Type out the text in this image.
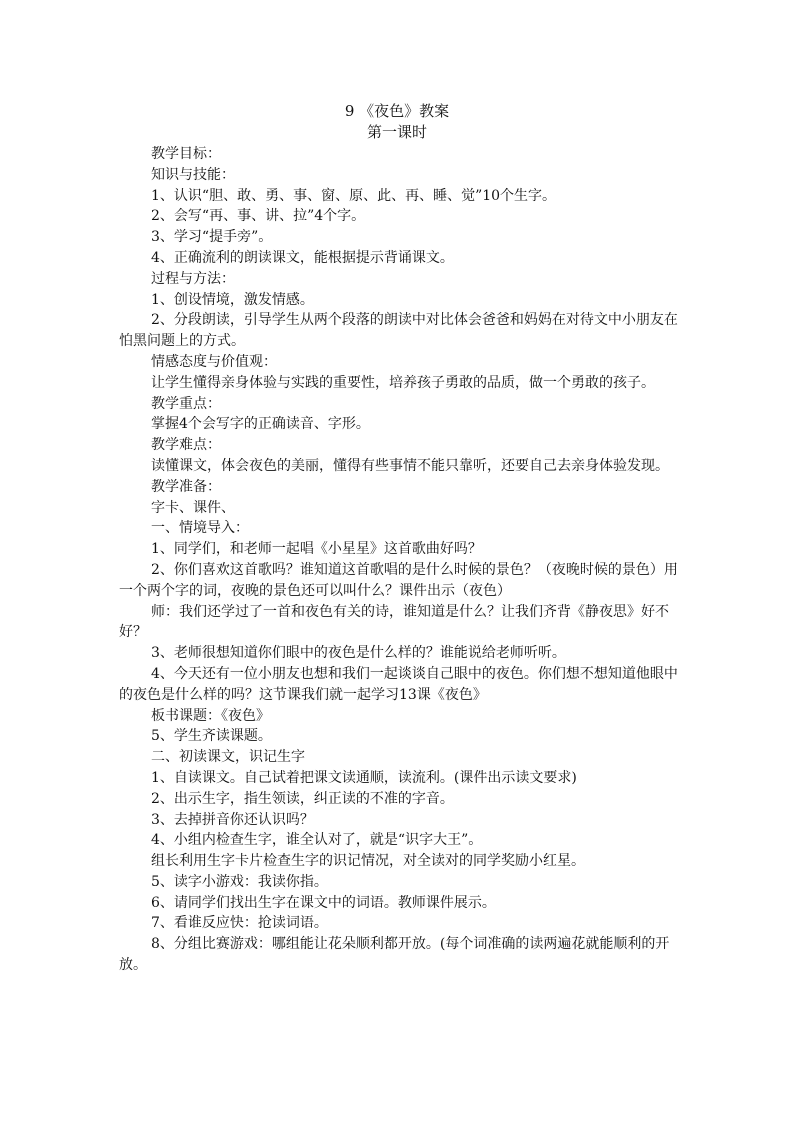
9 《夜色》教案
第一课时

教学目标：

知识与技能：

1、认识“胆、敢、勇、事、窗、原、此、再、睡、觉”10个生字。

2、会写“再、事、讲、拉”4个字。

3、学习“提手旁”。

4、正确流利的朗读课文，能根据提示背诵课文。

过程与方法：

1、创设情境，激发情感。

2、分段朗读，引导学生从两个段落的朗读中对比体会爸爸和妈妈在对待文中小朋友在怕黑问题上的方式。

情感态度与价值观：

让学生懂得亲身体验与实践的重要性，培养孩子勇敢的品质，做一个勇敢的孩子。

教学重点：

掌握4个会写字的正确读音、字形。

教学难点：

读懂课文，体会夜色的美丽，懂得有些事情不能只靠听，还要自己去亲身体验发现。

教学准备：

字卡、课件、

一、情境导入：

1、同学们，和老师一起唱《小星星》这首歌曲好吗？

2、你们喜欢这首歌吗？谁知道这首歌唱的是什么时候的景色？（夜晚时候的景色）用一个两个字的词，夜晚的景色还可以叫什么？课件出示（夜色）

师：我们还学过了一首和夜色有关的诗，谁知道是什么？让我们齐背《静夜思》好不好？

3、老师很想知道你们眼中的夜色是什么样的？谁能说给老师听听。

4、今天还有一位小朋友也想和我们一起谈谈自己眼中的夜色。你们想不想知道他眼中的夜色是什么样的吗？这节课我们就一起学习13课《夜色》

板书课题：《夜色》

5、学生齐读课题。

二、初读课文，识记生字

1、自读课文。自己试着把课文读通顺，读流利。(课件出示读文要求)

2、出示生字，指生领读，纠正读的不准的字音。

3、去掉拼音你还认识吗？

4、小组内检查生字，谁全认对了，就是“识字大王”。

组长利用生字卡片检查生字的识记情况，对全读对的同学奖励小红星。

5、读字小游戏：我读你指。

6、请同学们找出生字在课文中的词语。教师课件展示。

7、看谁反应快：抢读词语。

8、分组比赛游戏：哪组能让花朵顺利都开放。(每个词准确的读两遍花就能顺利的开放。
